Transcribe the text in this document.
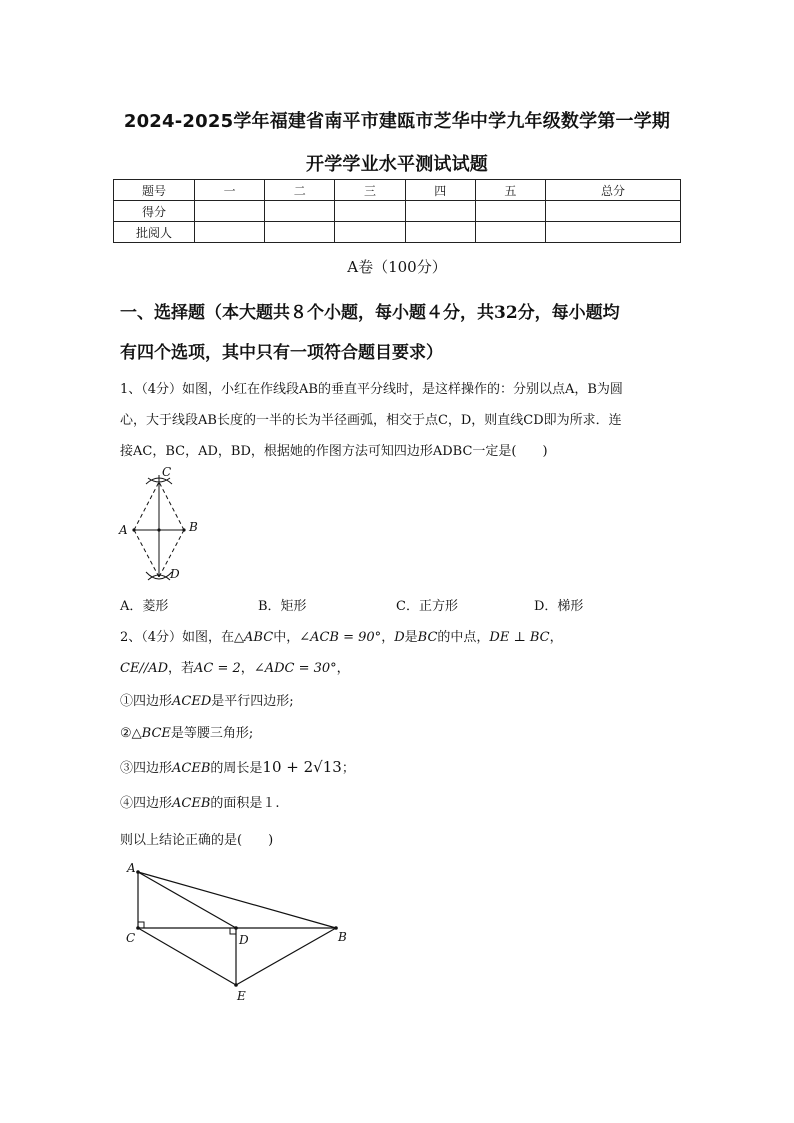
2024-2025学年福建省南平市建瓯市芝华中学九年级数学第一学期
开学学业水平测试试题
题号	一	二	三	四	五	总分
得分						
批阅人						
A卷（100分）
一、选择题（本大题共８个小题，每小题４分，共32分，每小题均
有四个选项，其中只有一项符合题目要求）
1、（4分）如图，小红在作线段AB的垂直平分线时，是这样操作的：分别以点A，B为圆
心，大于线段AB长度的一半的长为半径画弧，相交于点C，D，则直线CD即为所求．连
接AC，BC，AD，BD，根据她的作图方法可知四边形ADBC一定是(　　)
C
A	B
D
A．菱形	B．矩形	C．正方形	D．梯形
2、（4分）如图，在△ABC中，∠ACB = 90°，D是BC的中点，DE ⊥ BC，
CE//AD，若AC = 2，∠ADC = 30°，
①四边形ACED是平行四边形;
②△BCE是等腰三角形;
③四边形ACEB的周长是10 + 2√13；
④四边形ACEB的面积是１.
则以上结论正确的是(　　)
A
C	D	B
E
